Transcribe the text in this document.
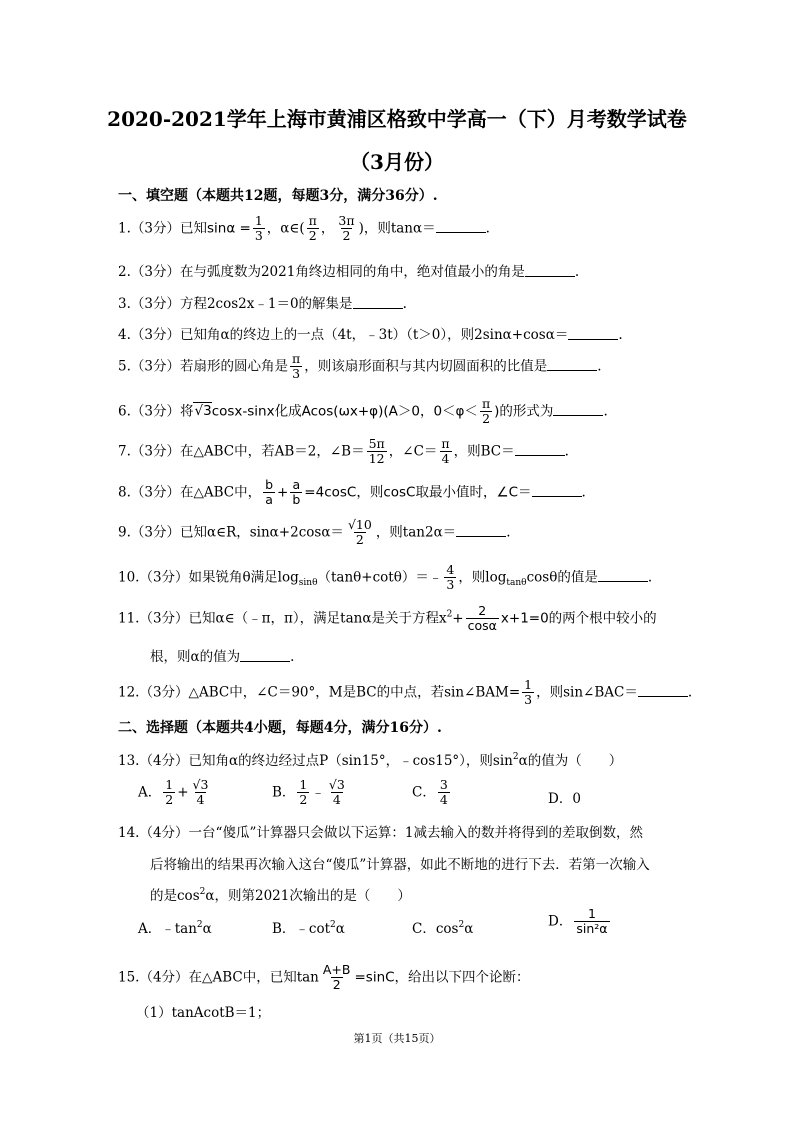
2020-2021学年上海市黄浦区格致中学高一（下）月考数学试卷
（3月份）
一、填空题（本题共12题，每题3分，满分36分）.
1.（3分）已知$\sin\alpha = \frac{1}{3}$ ，α∈( $\frac{\pi}{2}$ ， $\frac{3\pi}{2}$ )，则tanα＝	.
2.（3分）在与弧度数为2021角终边相同的角中，绝对值最小的角是	.
3.（3分）方程2cos2x﹣1＝0的解集是	.
4.（3分）已知角α的终边上的一点（4t，﹣3t）（t＞0），则2sinα+cosα＝	.
5.（3分）若扇形的圆心角是 $\frac{\pi}{3}$ ，则该扇形面积与其内切圆面积的比值是	.
6.（3分）将√3cosx-sinx化成Acos(ωx+φ)(A＞0，$0<\varphi< \frac{\pi}{2}$ )的形式为	.
7.（3分）在△ABC中，若AB＝2，∠B＝ $\frac{5\pi}{12}$ ，∠C＝ $\frac{\pi}{4}$ ，则BC＝	.
8.（3分）在△ABC中， $\frac{b}{a} + \frac{a}{b} =4\cos C$，则cosC取最小值时，∠C＝	.
9.（3分）已知α∈R，$\sin\alpha+2\cos\alpha= \frac{√10}{2}$ ，则tan2α＝	.
10.（3分）如果锐角θ满足$\log_{sin\theta}(\tan\theta+\cot\theta)=﹣ \frac{4}{3}$ ，则$\log_{tan\theta}\cos\theta$的值是	.
11.（3分）已知α∈（﹣π，π），满足tanα是关于方程$x^2+ \frac{2}{\cos\alpha} x+1=0$的两个根中较小的
根，则α的值为	.
12.（3分）△ABC中，∠C＝90°，M是BC的中点，若sin∠BAM= $\frac{1}{3}$ ，则sin∠BAC＝	.
二、选择题（本题共4小题，每题4分，满分16分）.
13.（4分）已知角α的终边经过点P（sin15°，﹣cos15°），则$\sin^2\alpha$的值为（　　）
A． $\frac{1}{2} + \frac{√3}{4}$	B． $\frac{1}{2}$ ﹣ $\frac{√3}{4}$	C． $\frac{3}{4}$	D．0
14.（4分）一台“傻瓜”计算器只会做以下运算：1减去输入的数并将得到的差取倒数，然
后将输出的结果再次输入这台“傻瓜”计算器，如此不断地的进行下去．若第一次输入
的是$\cos^2\alpha$，则第2021次输出的是（　　）
A．$﹣\tan^2\alpha$	B．$﹣\cot^2\alpha$	C．$\cos^2\alpha$	D． $\frac{1}{\text{sin²α}}$
15.（4分）在△ABC中，已知$\tan \frac{A+B}{2} =\sin C$，给出以下四个论断：
（1）tanAcotB＝1；
第1页（共15页）
